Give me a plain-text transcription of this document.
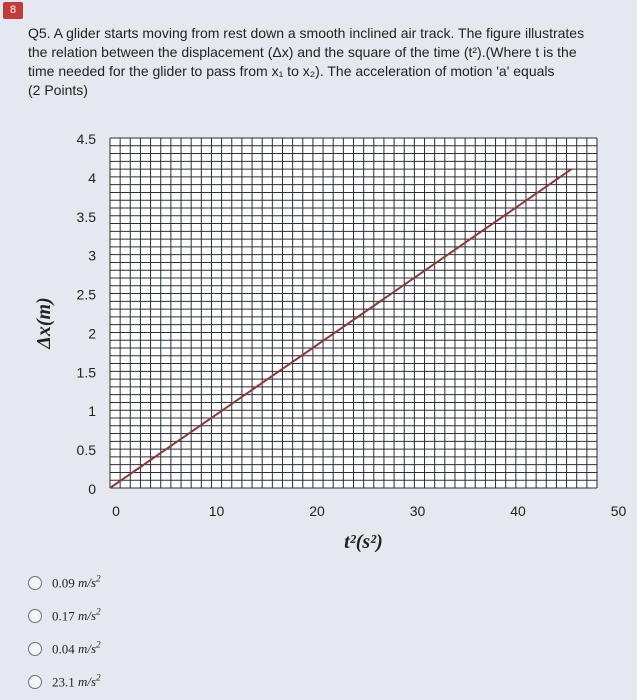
8
Q5. A glider starts moving from rest down a smooth inclined air track. The figure illustrates
the relation between the displacement (Δx) and the square of the time (t²).(Where t is the
time needed for the glider to pass from x₁ to x₂). The acceleration of motion 'a' equals
(2 Points)
0
0.5
1
1.5
2
2.5
3
3.5
4
4.5
0	10	20	30	40	50
t²(s²)
Δx(m)
0.09 $m/s^2$
0.17 $m/s^2$
0.04 $m/s^2$
23.1 $m/s^2$
